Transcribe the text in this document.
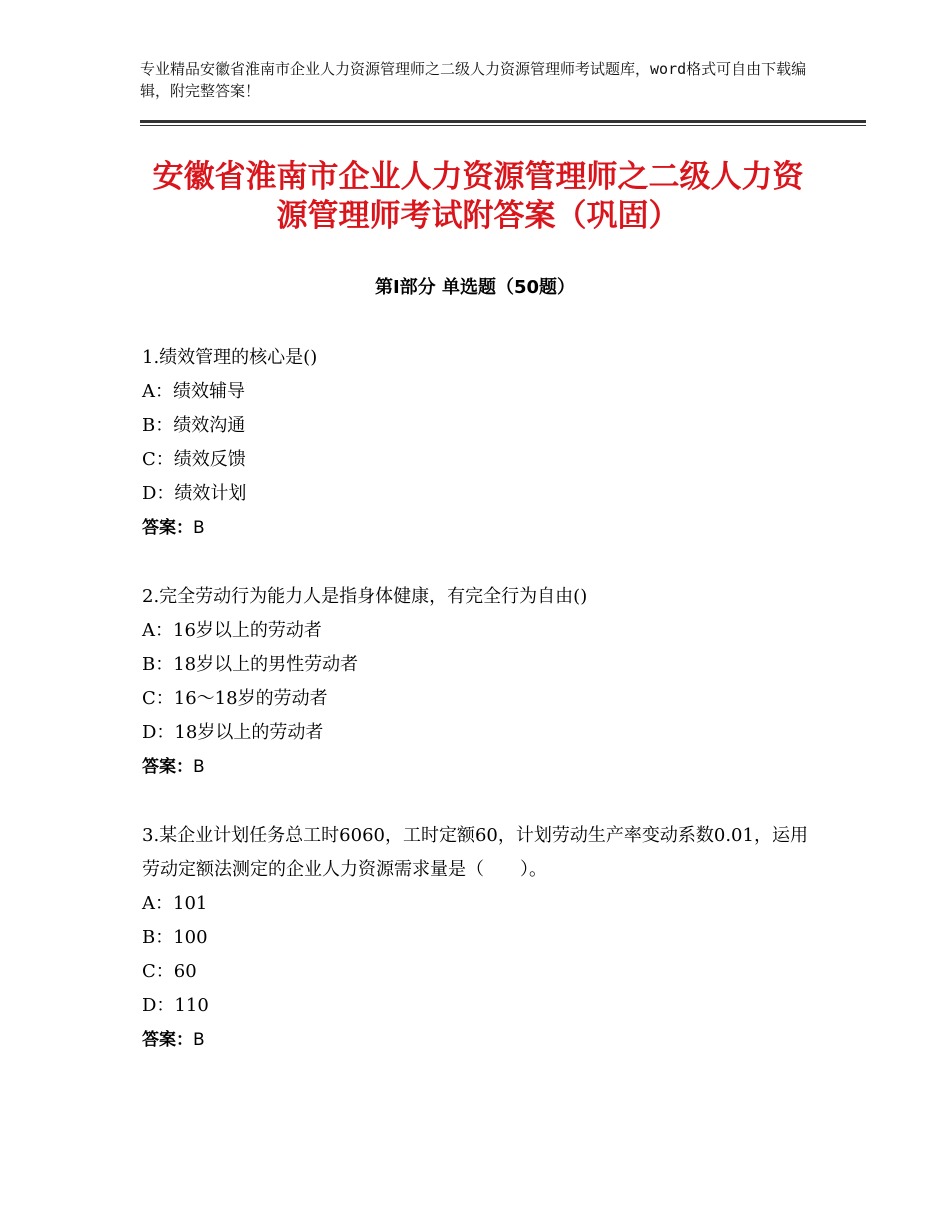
专业精品安徽省淮南市企业人力资源管理师之二级人力资源管理师考试题库，word格式可自由下载编辑，附完整答案！
安徽省淮南市企业人力资源管理师之二级人力资源管理师考试附答案（巩固）
第Ⅰ部分 单选题（50题）
1.绩效管理的核心是()
A：绩效辅导
B：绩效沟通
C：绩效反馈
D：绩效计划
答案：B
2.完全劳动行为能力人是指身体健康，有完全行为自由()
A：16岁以上的劳动者
B：18岁以上的男性劳动者
C：16～18岁的劳动者
D：18岁以上的劳动者
答案：B
3.某企业计划任务总工时6060，工时定额60，计划劳动生产率变动系数0.01，运用劳动定额法测定的企业人力资源需求量是（　　）。
A：101
B：100
C：60
D：110
答案：B
